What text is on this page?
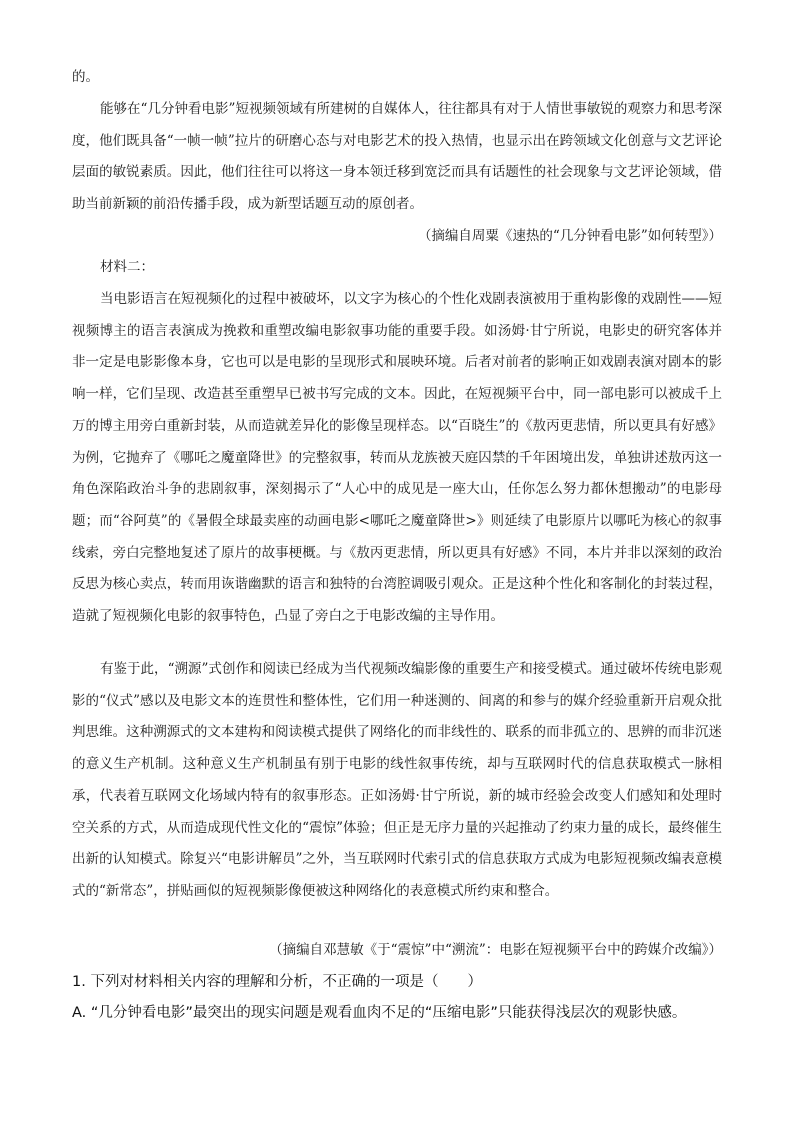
的。

能够在“几分钟看电影”短视频领域有所建树的自媒体人，往往都具有对于人情世事敏锐的观察力和思考深度，他们既具备“一帧一帧”拉片的研磨心态与对电影艺术的投入热情，也显示出在跨领域文化创意与文艺评论层面的敏锐素质。因此，他们往往可以将这一身本领迁移到宽泛而具有话题性的社会现象与文艺评论领域，借助当前新颖的前沿传播手段，成为新型话题互动的原创者。

（摘编自周粟《速热的“几分钟看电影”如何转型》）

材料二：

当电影语言在短视频化的过程中被破坏，以文字为核心的个性化戏剧表演被用于重构影像的戏剧性——短视频博主的语言表演成为挽救和重塑改编电影叙事功能的重要手段。如汤姆·甘宁所说，电影史的研究客体并非一定是电影影像本身，它也可以是电影的呈现形式和展映环境。后者对前者的影响正如戏剧表演对剧本的影响一样，它们呈现、改造甚至重塑早已被书写完成的文本。因此，在短视频平台中，同一部电影可以被成千上万的博主用旁白重新封装，从而造就差异化的影像呈现样态。以“百晓生”的《敖丙更悲情，所以更具有好感》为例，它抛弃了《哪吒之魔童降世》的完整叙事，转而从龙族被天庭囚禁的千年困境出发，单独讲述敖丙这一角色深陷政治斗争的悲剧叙事，深刻揭示了“人心中的成见是一座大山，任你怎么努力都休想搬动”的电影母题；而“谷阿莫”的《暑假全球最卖座的动画电影<哪吒之魔童降世>》则延续了电影原片以哪吒为核心的叙事线索，旁白完整地复述了原片的故事梗概。与《敖丙更悲情，所以更具有好感》不同，本片并非以深刻的政治反思为核心卖点，转而用诙谐幽默的语言和独特的台湾腔调吸引观众。正是这种个性化和客制化的封装过程，造就了短视频化电影的叙事特色，凸显了旁白之于电影改编的主导作用。

有鉴于此，“溯源”式创作和阅读已经成为当代视频改编影像的重要生产和接受模式。通过破坏传统电影观影的“仪式”感以及电影文本的连贯性和整体性，它们用一种迷测的、间离的和参与的媒介经验重新开启观众批判思维。这种溯源式的文本建构和阅读模式提供了网络化的而非线性的、联系的而非孤立的、思辨的而非沉迷的意义生产机制。这种意义生产机制虽有别于电影的线性叙事传统，却与互联网时代的信息获取模式一脉相承，代表着互联网文化场域内特有的叙事形态。正如汤姆·甘宁所说，新的城市经验会改变人们感知和处理时空关系的方式，从而造成现代性文化的“震惊”体验；但正是无序力量的兴起推动了约束力量的成长，最终催生出新的认知模式。除复兴“电影讲解员”之外，当互联网时代索引式的信息获取方式成为电影短视频改编表意模式的“新常态”，拼贴画似的短视频影像便被这种网络化的表意模式所约束和整合。

（摘编自邓慧敏《于“震惊”中“溯流”：电影在短视频平台中的跨媒介改编》）

1. 下列对材料相关内容的理解和分析，不正确的一项是（　　）

A. “几分钟看电影”最突出的现实问题是观看血肉不足的“压缩电影”只能获得浅层次的观影快感。
